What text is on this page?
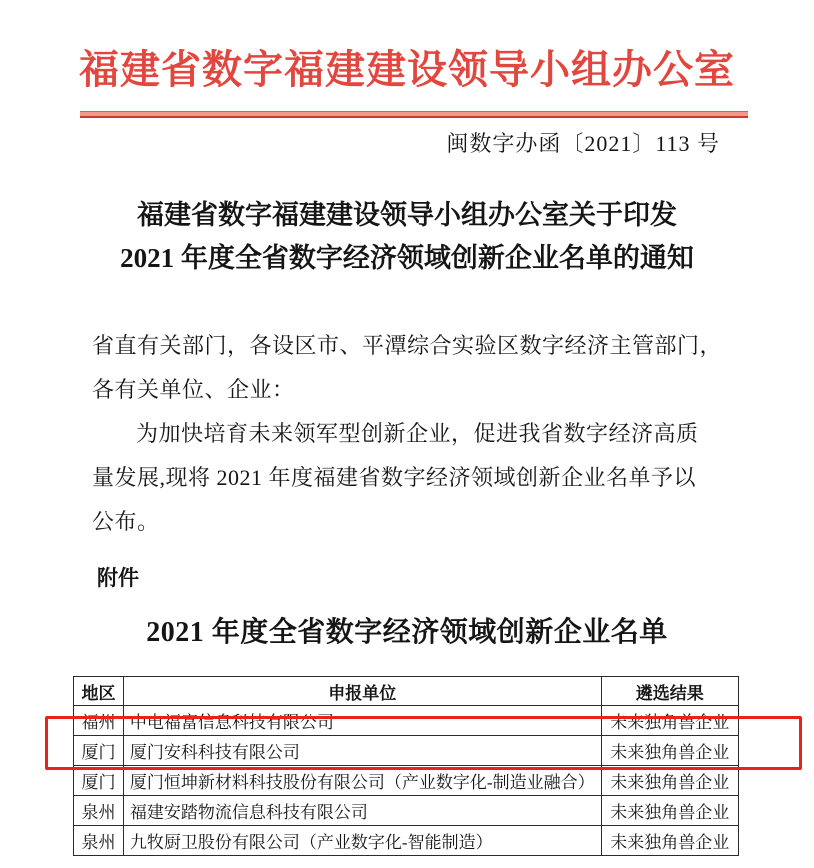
福建省数字福建建设领导小组办公室
闽数字办函〔2021〕113 号
福建省数字福建建设领导小组办公室关于印发
2021 年度全省数字经济领域创新企业名单的通知
省直有关部门，各设区市、平潭综合实验区数字经济主管部门，
各有关单位、企业：
为加快培育未来领军型创新企业，促进我省数字经济高质
量发展,现将 2021 年度福建省数字经济领域创新企业名单予以
公布。
附件
2021 年度全省数字经济领域创新企业名单
地区	申报单位	遴选结果
福州	中电福富信息科技有限公司	未来独角兽企业
厦门	厦门安科科技有限公司	未来独角兽企业
厦门	厦门恒坤新材料科技股份有限公司（产业数字化-制造业融合）	未来独角兽企业
泉州	福建安踏物流信息科技有限公司	未来独角兽企业
泉州	九牧厨卫股份有限公司（产业数字化-智能制造）	未来独角兽企业
